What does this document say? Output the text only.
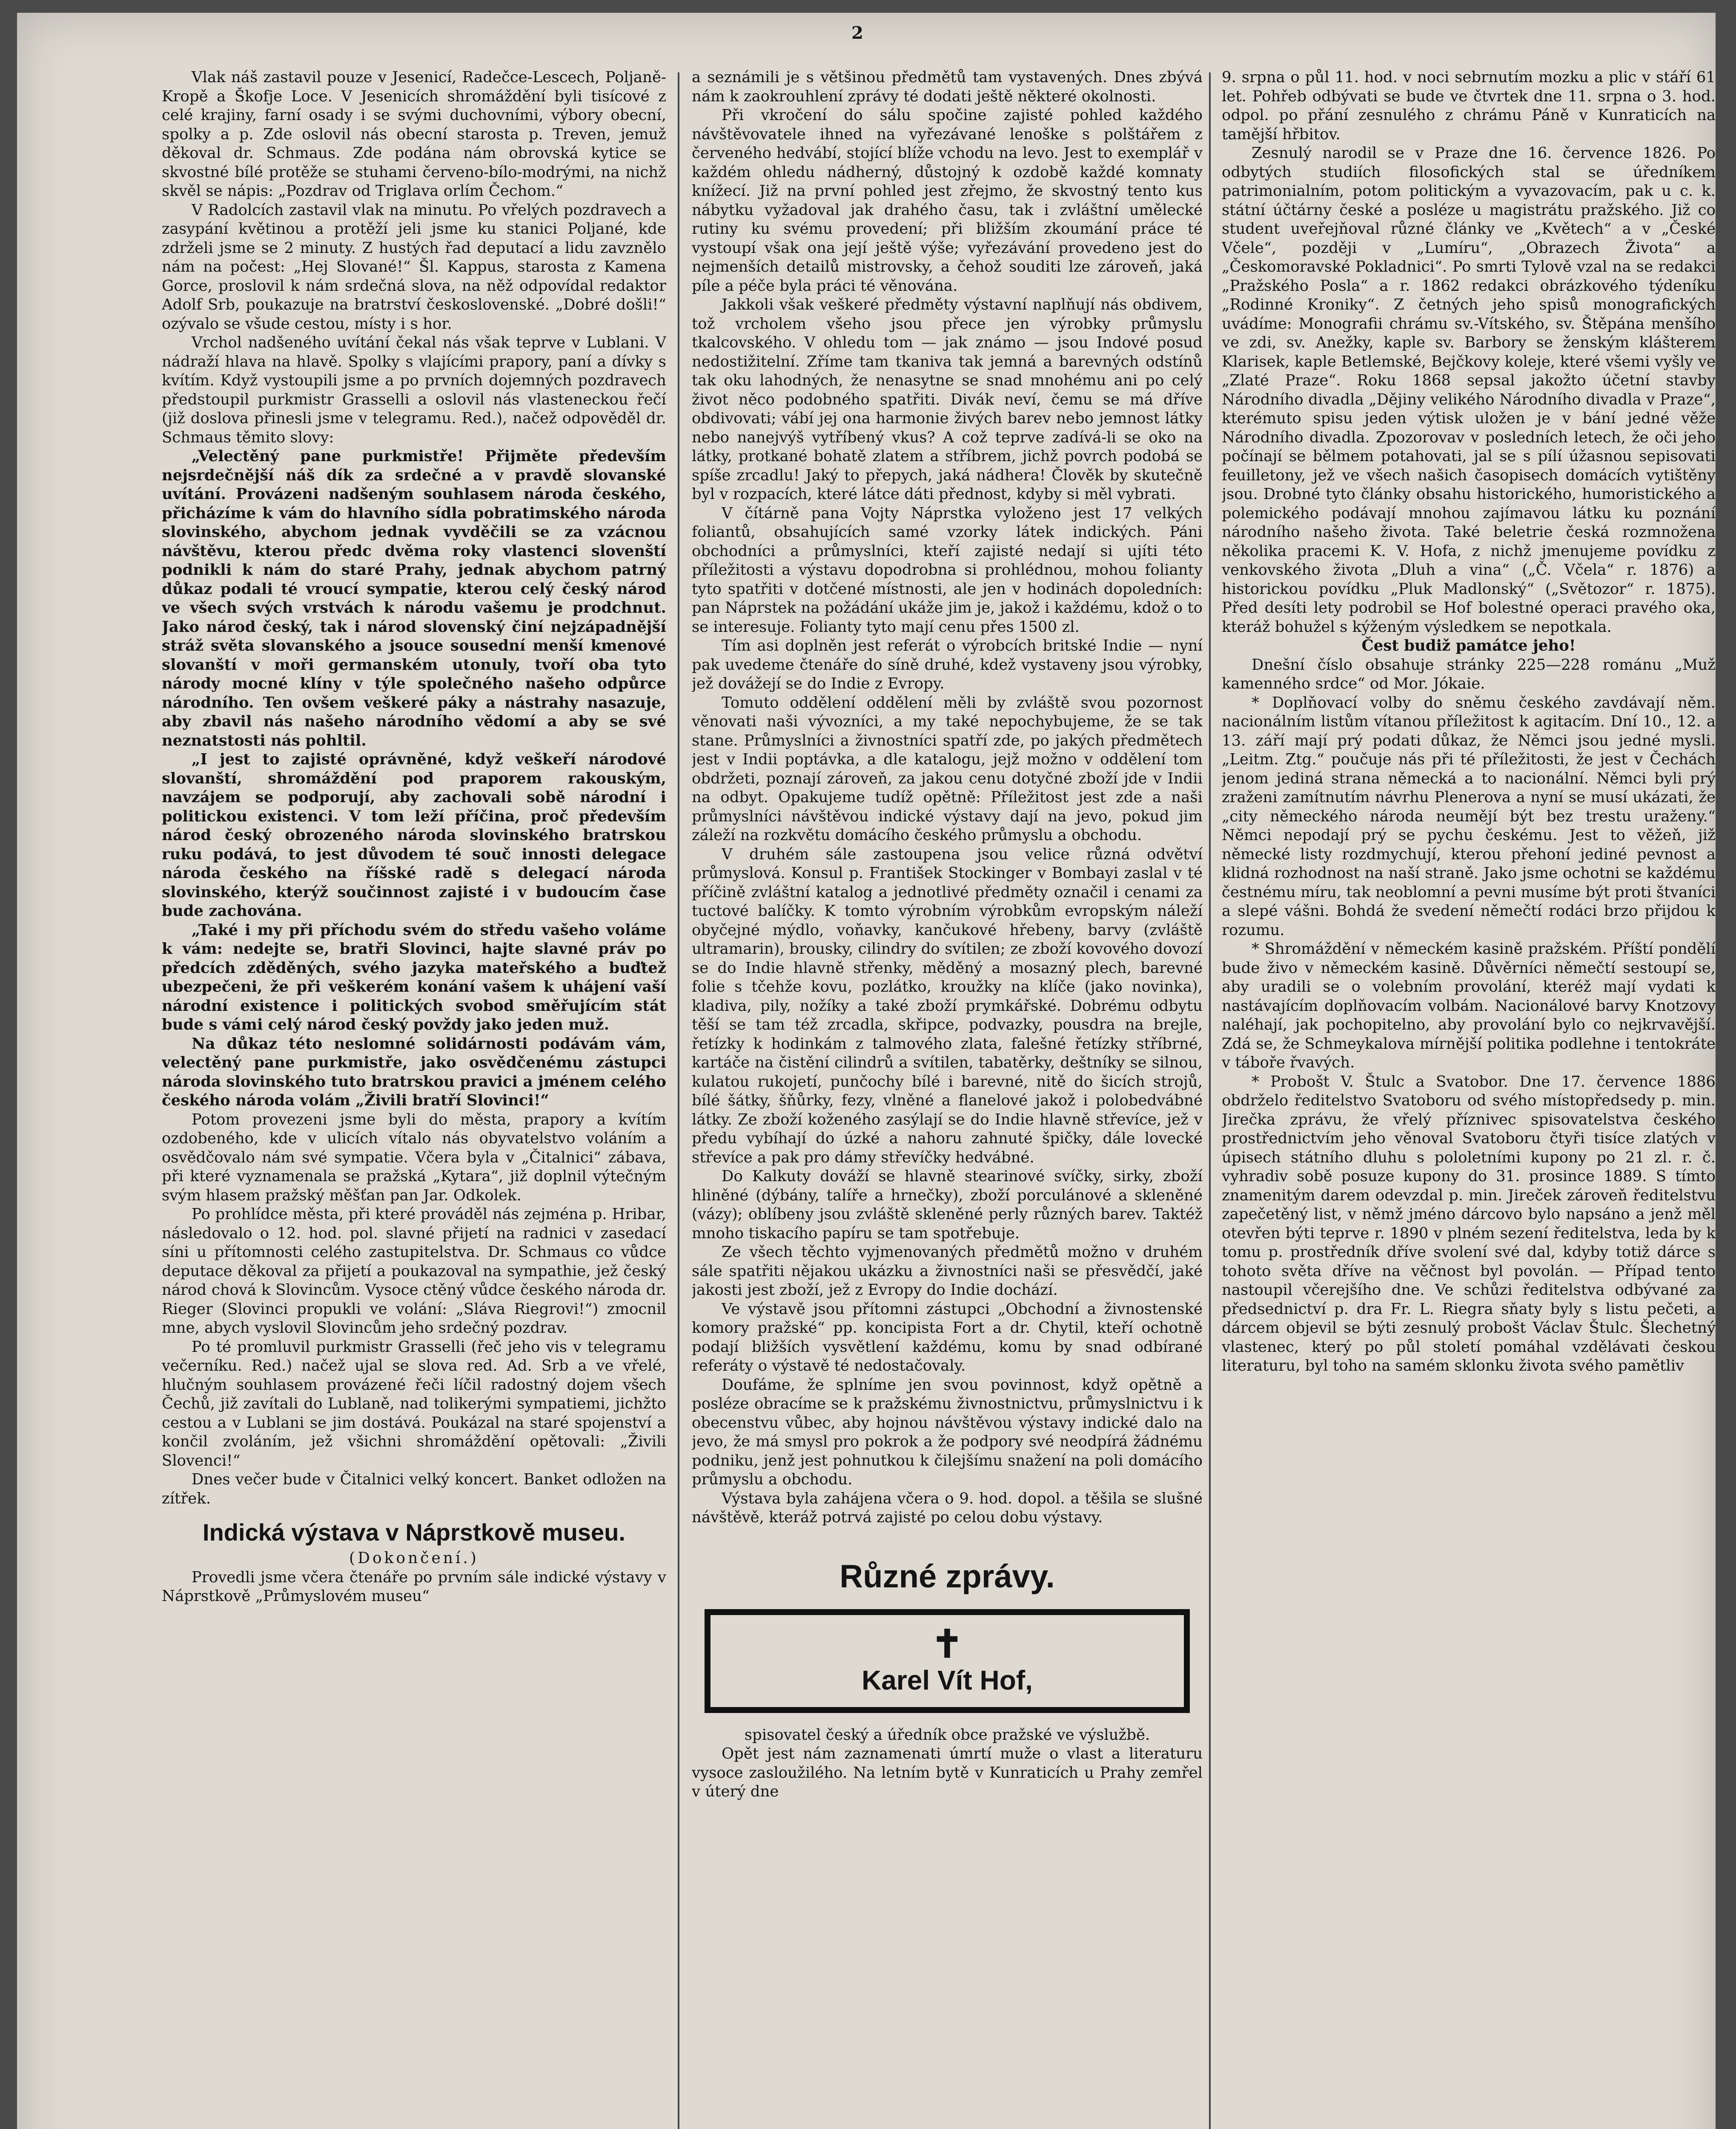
2

Vlak náš zastavil pouze v Jesenicí, Radečce-Lescech, Poljaně-Kropě a Škofje Loce. V Jesenicích shromáždění byli tisícové z celé krajiny, farní osady i se svými duchovními, výbory obecní, spolky a p. Zde oslovil nás obecní starosta p. Treven, jemuž děkoval dr. Schmaus. Zde podána nám obrovská kytice se skvostné bílé protěže se stuhami červeno-bílo-modrými, na nichž skvěl se nápis: „Pozdrav od Triglava orlím Čechom.“

V Radolcích zastavil vlak na minutu. Po vřelých pozdravech a zasypání květinou a protěží jeli jsme ku stanici Poljané, kde zdrželi jsme se 2 minuty. Z hustých řad deputací a lidu zavznělo nám na počest: „Hej Slované!“ Šl. Kappus, starosta z Kamena Gorce, proslovil k nám srdečná slova, na něž odpovídal redaktor Adolf Srb, poukazuje na bratrství československé. „Dobré došli!“ ozývalo se všude cestou, místy i s hor.

Vrchol nadšeného uvítání čekal nás však teprve v Lublani. V nádraží hlava na hlavě. Spolky s vlajícími prapory, paní a dívky s kvítím. Když vystoupili jsme a po prvních dojemných pozdravech předstoupil purkmistr Grasselli a oslovil nás vlasteneckou řečí (již doslova přinesli jsme v telegramu. Red.), načež odpověděl dr. Schmaus těmito slovy:

„Velectěný pane purkmistře! Přijměte především nejsrdečnější náš dík za srdečné a v pravdě slovanské uvítání. Provázeni nadšeným souhlasem národa českého, přicházíme k vám do hlavního sídla pobratimského národa slovinského, abychom jednak vyvděčili se za vzácnou návštěvu, kterou předc dvěma roky vlastenci slovenští podnikli k nám do staré Prahy, jednak abychom patrný důkaz podali té vroucí sympatie, kterou celý český národ ve všech svých vrstvách k národu vašemu je prodchnut. Jako národ český, tak i národ slovenský činí nejzápadnější stráž světa slovanského a jsouce sousední menší kmenové slovanští v moři germanském utonuly, tvoří oba tyto národy mocné klíny v týle společného našeho odpůrce národního. Ten ovšem veškeré páky a nástrahy nasazuje, aby zbavil nás našeho národního vědomí a aby se své neznatstosti nás pohltil.

„I jest to zajisté oprávněné, když veškeří národové slovanští, shromáždění pod praporem rakouským, navzájem se podporují, aby zachovali sobě národní i politickou existenci. V tom leží příčina, proč především národ český obrozeného národa slovinského bratrskou ruku podává, to jest důvodem té souč innosti delegace národa českého na říšské radě s delegací národa slovinského, kterýž součinnost zajisté i v budoucím čase bude zachována.

„Také i my při příchodu svém do středu vašeho voláme k vám: nedejte se, bratři Slovinci, hajte slavné práv po předcích zděděných, svého jazyka mateřského a buďtež ubezpečeni, že při veškerém konání vašem k uhájení vaší národní existence i politických svobod směřujícím stát bude s vámi celý národ český povždy jako jeden muž.

Na důkaz této neslomné solidárnosti podávám vám, velectěný pane purkmistře, jako osvědčenému zástupci národa slovinského tuto bratrskou pravici a jménem celého českého národa volám „Živili bratří Slovinci!“

Potom provezeni jsme byli do města, prapory a kvítím ozdobeného, kde v ulicích vítalo nás obyvatelstvo voláním a osvědčovalo nám své sympatie. Včera byla v „Čitalnici“ zábava, při které vyznamenala se pražská „Kytara“, již doplnil výtečným svým hlasem pražský měšťan pan Jar. Odkolek.

Po prohlídce města, při které prováděl nás zejména p. Hribar, následovalo o 12. hod. pol. slavné přijetí na radnici v zasedací síni u přítomnosti celého zastupitelstva. Dr. Schmaus co vůdce deputace děkoval za přijetí a poukazoval na sympathie, jež český národ chová k Slovincům. Vysoce ctěný vůdce českého národa dr. Rieger (Slovinci propukli ve volání: „Sláva Riegrovi!“) zmocnil mne, abych vyslovil Slovincům jeho srdečný pozdrav.

Po té promluvil purkmistr Grasselli (řeč jeho vis v telegramu večerníku. Red.) načež ujal se slova red. Ad. Srb a ve vřelé, hlučným souhlasem provázené řeči líčil radostný dojem všech Čechů, již zavítali do Lublaně, nad tolikerými sympatiemi, jichžto cestou a v Lublani se jim dostává. Poukázal na staré spojenství a končil zvoláním, jež všichni shromáždění opětovali: „Živili Slovenci!“

Dnes večer bude v Čitalnici velký koncert. Banket odložen na zítřek.

Indická výstava v Náprstkově museu.

(Dokončení.)

Provedli jsme včera čtenáře po prvním sále indické výstavy v Náprstkově „Průmyslovém museu“

a seznámili je s většinou předmětů tam vystavených. Dnes zbývá nám k zaokrouhlení zprávy té dodati ještě některé okolnosti.

Při vkročení do sálu spočine zajisté pohled každého návštěvovatele ihned na vyřezávané lenoške s polštářem z červeného hedvábí, stojící blíže vchodu na levo. Jest to exemplář v každém ohledu nádherný, důstojný k ozdobě každé komnaty knížecí. Již na první pohled jest zřejmo, že skvostný tento kus nábytku vyžadoval jak drahého času, tak i zvláštní umělecké rutiny ku svému provedení; při bližším zkoumání práce té vystoupí však ona její ještě výše; vyřezávání provedeno jest do nejmenších detailů mistrovsky, a čehož souditi lze zároveň, jaká píle a péče byla práci té věnována.

Jakkoli však veškeré předměty výstavní naplňují nás obdivem, tož vrcholem všeho jsou přece jen výrobky průmyslu tkalcovského. V ohledu tom — jak známo — jsou Indové posud nedostižitelní. Zříme tam tkaniva tak jemná a barevných odstínů tak oku lahodných, že nenasytne se snad mnohému ani po celý život něco podobného spatřiti. Divák neví, čemu se má dříve obdivovati; vábí jej ona harmonie živých barev nebo jemnost látky nebo nanejvýš vytříbený vkus? A což teprve zadívá-li se oko na látky, protkané bohatě zlatem a stříbrem, jichž povrch podobá se spíše zrcadlu! Jaký to přepych, jaká nádhera! Člověk by skutečně byl v rozpacích, které látce dáti přednost, kdyby si měl vybrati.

V čítárně pana Vojty Náprstka vyloženo jest 17 velkých foliantů, obsahujících samé vzorky látek indických. Páni obchodníci a průmyslníci, kteří zajisté nedají si ujíti této příležitosti a výstavu dopodrobna si prohlédnou, mohou folianty tyto spatřiti v dotčené místnosti, ale jen v hodinách dopoledních: pan Náprstek na požádání ukáže jim je, jakož i každému, kdož o to se interesuje. Folianty tyto mají cenu přes 1500 zl.

Tím asi doplněn jest referát o výrobcích britské Indie — nyní pak uvedeme čtenáře do síně druhé, kdež vystaveny jsou výrobky, jež dovážejí se do Indie z Evropy.

Tomuto oddělení oddělení měli by zvláště svou pozornost věnovati naši vývozníci, a my také nepochybujeme, že se tak stane. Průmyslníci a živnostníci spatří zde, po jakých předmětech jest v Indii poptávka, a dle katalogu, jejž možno v oddělení tom obdržeti, poznají zároveň, za jakou cenu dotyčné zboží jde v Indii na odbyt. Opakujeme tudíž opětně: Příležitost jest zde a naši průmyslníci návštěvou indické výstavy dají na jevo, pokud jim záleží na rozkvětu domácího českého průmyslu a obchodu.

V druhém sále zastoupena jsou velice různá odvětví průmyslová. Konsul p. František Stockinger v Bombayi zaslal v té příčině zvláštní katalog a jednotlivé předměty označil i cenami za tuctové balíčky. K tomto výrobním výrobkům evropským náleží obyčejné mýdlo, voňavky, kančukové hřebeny, barvy (zvláště ultramarin), brousky, cilindry do svítilen; ze zboží kovového dovozí se do Indie hlavně střenky, měděný a mosazný plech, barevné folie s tčehže kovu, pozlátko, kroužky na klíče (jako novinka), kladiva, pily, nožíky a také zboží prymkářské. Dobrému odbytu těší se tam též zrcadla, skřipce, podvazky, pousdra na brejle, řetízky k hodinkám z talmového zlata, falešné řetízky stříbrné, kartáče na čistění cilindrů a svítilen, tabatěrky, deštníky se silnou, kulatou rukojetí, punčochy bílé i barevné, nitě do šicích strojů, bílé šátky, šňůrky, fezy, vlněné a flanelové jakož i polobedvábné látky. Ze zboží koženého zasýlají se do Indie hlavně střevíce, jež v předu vybíhají do úzké a nahoru zahnuté špičky, dále lovecké střevíce a pak pro dámy střevíčky hedvábné.

Do Kalkuty dováží se hlavně stearinové svíčky, sirky, zboží hliněné (dýbány, talíře a hrnečky), zboží porculánové a skleněné (vázy); oblíbeny jsou zvláště skleněné perly různých barev. Taktéž mnoho tiskacího papíru se tam spotřebuje.

Ze všech těchto vyjmenovaných předmětů možno v druhém sále spatřiti nějakou ukázku a živnostníci naši se přesvědčí, jaké jakosti jest zboží, jež z Evropy do Indie dochází.

Ve výstavě jsou přítomni zástupci „Obchodní a živnostenské komory pražské“ pp. koncipista Fort a dr. Chytil, kteří ochotně podají bližších vysvětlení každému, komu by snad odbírané referáty o výstavě té nedostačovaly.

Doufáme, že splníme jen svou povinnost, když opětně a posléze obracíme se k pražskému živnostnictvu, průmyslnictvu i k obecenstvu vůbec, aby hojnou návštěvou výstavy indické dalo na jevo, že má smysl pro pokrok a že podpory své neodpírá žádnému podniku, jenž jest pohnutkou k čilejšímu snažení na poli domácího průmyslu a obchodu.

Výstava byla zahájena včera o 9. hod. dopol. a těšila se slušné návštěvě, kteráž potrvá zajisté po celou dobu výstavy.

Různé zprávy.
✝
Karel Vít Hof,

spisovatel český a úředník obce pražské ve výslužbě.

Opět jest nám zaznamenati úmrtí muže o vlast a literaturu vysoce zasloužilého. Na letním bytě v Kunraticích u Prahy zemřel v úterý dne

9. srpna o půl 11. hod. v noci sebrnutím mozku a plic v stáří 61 let. Pohřeb odbývati se bude ve čtvrtek dne 11. srpna o 3. hod. odpol. po přání zesnulého z chrámu Páně v Kunraticích na tamější hřbitov.

Zesnulý narodil se v Praze dne 16. července 1826. Po odbytých studiích filosofických stal se úředníkem patrimonialním, potom politickým a vyvazovacím, pak u c. k. státní účtárny české a posléze u magistrátu pražského. Již co student uveřejňoval různé články ve „Květech“ a v „České Včele“, později v „Lumíru“, „Obrazech Života“ a „Českomoravské Pokladnici“. Po smrti Tylově vzal na se redakci „Pražského Posla“ a r. 1862 redakci obrázkového týdeníku „Rodinné Kroniky“. Z četných jeho spisů monografických uvádíme: Monografii chrámu sv.-Vítského, sv. Štěpána menšího ve zdi, sv. Anežky, kaple sv. Barbory se ženským klášterem Klarisek, kaple Betlemské, Bejčkovy koleje, které všemi vyšly ve „Zlaté Praze“. Roku 1868 sepsal jakožto účetní stavby Národního divadla „Dějiny velikého Národního divadla v Praze“, kterémuto spisu jeden výtisk uložen je v bání jedné věže Národního divadla. Zpozorovav v posledních letech, že oči jeho počínají se bělmem potahovati, jal se s pílí úžasnou sepisovati feuilletony, jež ve všech našich časopisech domácích vytištěny jsou. Drobné tyto články obsahu historického, humoristického a polemického podávají mnohou zajímavou látku ku poznání národního našeho života. Také beletrie česká rozmnožena několika pracemi K. V. Hofa, z nichž jmenujeme povídku z venkovského života „Dluh a vina“ („Č. Včela“ r. 1876) a historickou povídku „Pluk Madlonský“ („Světozor“ r. 1875). Před desíti lety podrobil se Hof bolestné operaci pravého oka, kteráž bohužel s kýženým výsledkem se nepotkala.

Čest budiž památce jeho!

Dnešní číslo obsahuje stránky 225—228 románu „Muž kamenného srdce“ od Mor. Jókaie.

* Doplňovací volby do sněmu českého zavdávají něm. nacionálním listům vítanou příležitost k agitacím. Dní 10., 12. a 13. září mají prý podati důkaz, že Němci jsou jedné mysli. „Leitm. Ztg.“ poučuje nás při té příležitosti, že jest v Čechách jenom jediná strana německá a to nacionální. Němci byli prý zraženi zamítnutím návrhu Plenerova a nyní se musí ukázati, že „city německého národa neumějí být bez trestu uraženy.“ Němci nepodají prý se pychu českému. Jest to věžeň, již německé listy rozdmychují, kterou přehoní jediné pevnost a klidná rozhodnost na naší straně. Jako jsme ochotni se každému čestnému míru, tak neoblomní a pevni musíme být proti štvaníci a slepé vášni. Bohdá že svedení němečtí rodáci brzo přijdou k rozumu.

* Shromáždění v německém kasině pražském. Příští pondělí bude živo v německém kasině. Důvěrníci němečtí sestoupí se, aby uradili se o volebním provolání, kteréž mají vydati k nastávajícím doplňovacím volbám. Nacionálové barvy Knotzovy naléhají, jak pochopitelno, aby provolání bylo co nejkrvavější. Zdá se, že Schmeykalova mírnější politika podlehne i tentokráte v táboře řvavých.

* Probošt V. Štulc a Svatobor. Dne 17. července 1886 obdrželo ředitelstvo Svatoboru od svého místopředsedy p. min. Jirečka zprávu, že vřelý příznivec spisovatelstva českého prostřednictvím jeho věnoval Svatoboru čtyři tisíce zlatých v úpisech státního dluhu s pololetními kupony po 21 zl. r. č. vyhradiv sobě posuze kupony do 31. prosince 1889. S tímto znamenitým darem odevzdal p. min. Jireček zároveň ředitelstvu zapečetěný list, v němž jméno dárcovo bylo napsáno a jenž měl otevřen býti teprve r. 1890 v plném sezení ředitelstva, leda by k tomu p. prostředník dříve svolení své dal, kdyby totiž dárce s tohoto světa dříve na věčnost byl povolán. — Případ tento nastoupil včerejšího dne. Ve schůzi ředitelstva odbývané za předsednictví p. dra Fr. L. Riegra sňaty byly s listu pečeti, a dárcem objevil se býti zesnulý probošt Václav Štulc. Šlechetný vlastenec, který po půl století pomáhal vzdělávati českou literaturu, byl toho na samém sklonku života svého pamětliv
